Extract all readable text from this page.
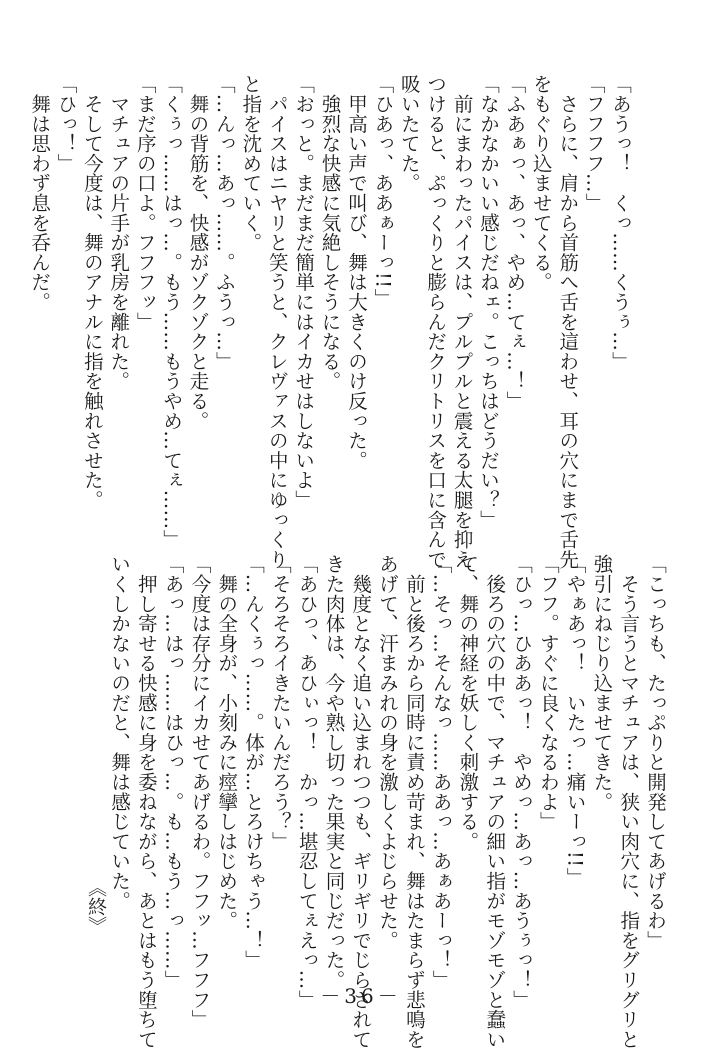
「あうっ！　くっ……くうぅ…」
「フフフフ…」
　さらに、肩から首筋へ舌を這わせ、耳の穴にまで舌先
をもぐり込ませてくる。
「ふあぁっ、あっ、やめ…てぇ…！」
「なかなかいい感じだねェ。こっちはどうだい？」
　前にまわったパイスは、プルプルと震える太腿を抑え
つけると、ぷっくりと膨らんだクリトリスを口に含んで
吸いたてた。
「ひあっ、ああぁーっ!!」
　甲高い声で叫び、舞は大きくのけ反った。
　強烈な快感に気絶しそうになる。
「おっと。まだまだ簡単にはイカせはしないよ」
　パイスはニヤリと笑うと、クレヴァスの中にゆっくり
と指を沈めていく。
「…んっ…あっ……。ふうっ…」
　舞の背筋を、快感がゾクゾクと走る。
「くぅっ……はっ…。もう……もうやめ…てぇ……」
「まだ序の口よ。フフフッ」
　マチュアの片手が乳房を離れた。
　そして今度は、舞のアナルに指を触れさせた。
「ひっ！」
　舞は思わず息を呑んだ。
「こっちも、たっぷりと開発してあげるわ」
　そう言うとマチュアは、狭い肉穴に、指をグリグリと
強引にねじり込ませてきた。
「やぁあっ！　いたっ…痛いーっ!!」
「フフ。すぐに良くなるわよ」
「ひっ…ひああっ！　やめっ…あっ…あうぅっ！」
　後ろの穴の中で、マチュアの細い指がモゾモゾと蠢い
て、舞の神経を妖しく刺激する。
「…そっ…そんなっ……ああっ…あぁあーっ！」
　前と後ろから同時に責め苛まれ、舞はたまらず悲鳴を
あげて、汗まみれの身を激しくよじらせた。
　幾度となく追い込まれつつも、ギリギリでじらされて
きた肉体は、今や熟し切った果実と同じだった。
「あひっ、あひぃっ！　かっ…堪忍してぇえっ…」
「そろそろイきたいんだろう？」
「…んくぅっ……。体が…とろけちゃう…！」
　舞の全身が、小刻みに痙攣しはじめた。
「今度は存分にイカせてあげるわ。フフッ…フフフ」
「あっ…はっ……はひっ…。も…もう…っ……」
　押し寄せる快感に身を委ねながら、あとはもう堕ちて
いくしかないのだと、舞は感じていた。
《終》
－36－
